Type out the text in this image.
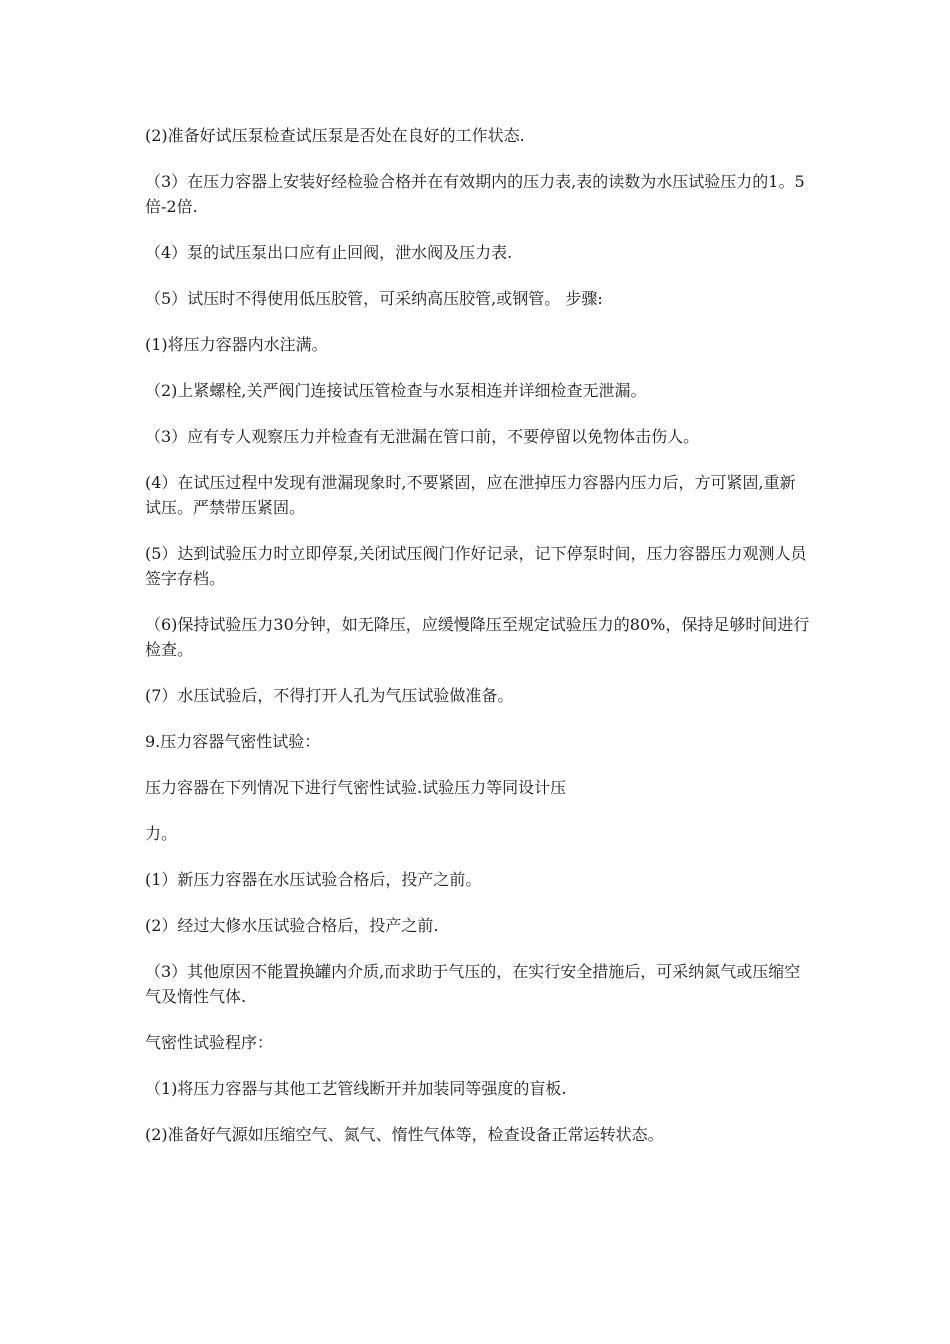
(2)准备好试压泵检查试压泵是否处在良好的工作状态.

（3）在压力容器上安装好经检验合格并在有效期内的压力表,表的读数为水压试验压力的1。5倍-2倍.

（4）泵的试压泵出口应有止回阀，泄水阀及压力表.

（5）试压时不得使用低压胶管，可采纳高压胶管,或钢管。 步骤:

(1)将压力容器内水注满。

（2)上紧螺栓,关严阀门连接试压管检查与水泵相连并详细检查无泄漏。

（3）应有专人观察压力并检查有无泄漏在管口前，不要停留以免物体击伤人。

(4）在试压过程中发现有泄漏现象时,不要紧固，应在泄掉压力容器内压力后，方可紧固,重新试压。严禁带压紧固。

(5）达到试验压力时立即停泵,关闭试压阀门作好记录，记下停泵时间，压力容器压力观测人员签字存档。

（6)保持试验压力30分钟，如无降压，应缓慢降压至规定试验压力的80%，保持足够时间进行检查。

(7）水压试验后，不得打开人孔为气压试验做准备。

9.压力容器气密性试验：

压力容器在下列情况下进行气密性试验.试验压力等同设计压

力。

(1）新压力容器在水压试验合格后，投产之前。

(2）经过大修水压试验合格后，投产之前.

（3）其他原因不能置换罐内介质,而求助于气压的，在实行安全措施后，可采纳氮气或压缩空气及惰性气体.

气密性试验程序：

（1)将压力容器与其他工艺管线断开并加装同等强度的盲板.

(2)准备好气源如压缩空气、氮气、惰性气体等，检查设备正常运转状态。
